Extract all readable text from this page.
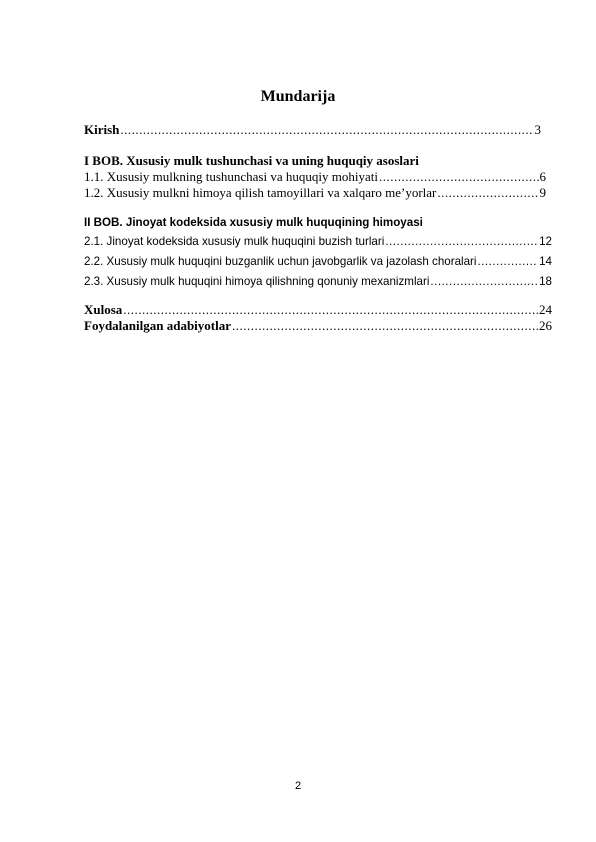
Mundarija
Kirish .....	3
I BOB. Xususiy mulk tushunchasi va uning huquqiy asoslari
1.1. Xususiy mulkning tushunchasi va huquqiy mohiyati .....	6
1.2. Xususiy mulkni himoya qilish tamoyillari va xalqaro me’yorlar .....	9
II BOB. Jinoyat kodeksida xususiy mulk huquqining himoyasi
2.1. Jinoyat kodeksida xususiy mulk huquqini buzish turlari .....	12
2.2. Xususiy mulk huquqini buzganlik uchun javobgarlik va jazolash choralari .....	14
2.3. Xususiy mulk huquqini himoya qilishning qonuniy mexanizmlari .....	18
Xulosa .....	24
Foydalanilgan adabiyotlar .....	26
2
